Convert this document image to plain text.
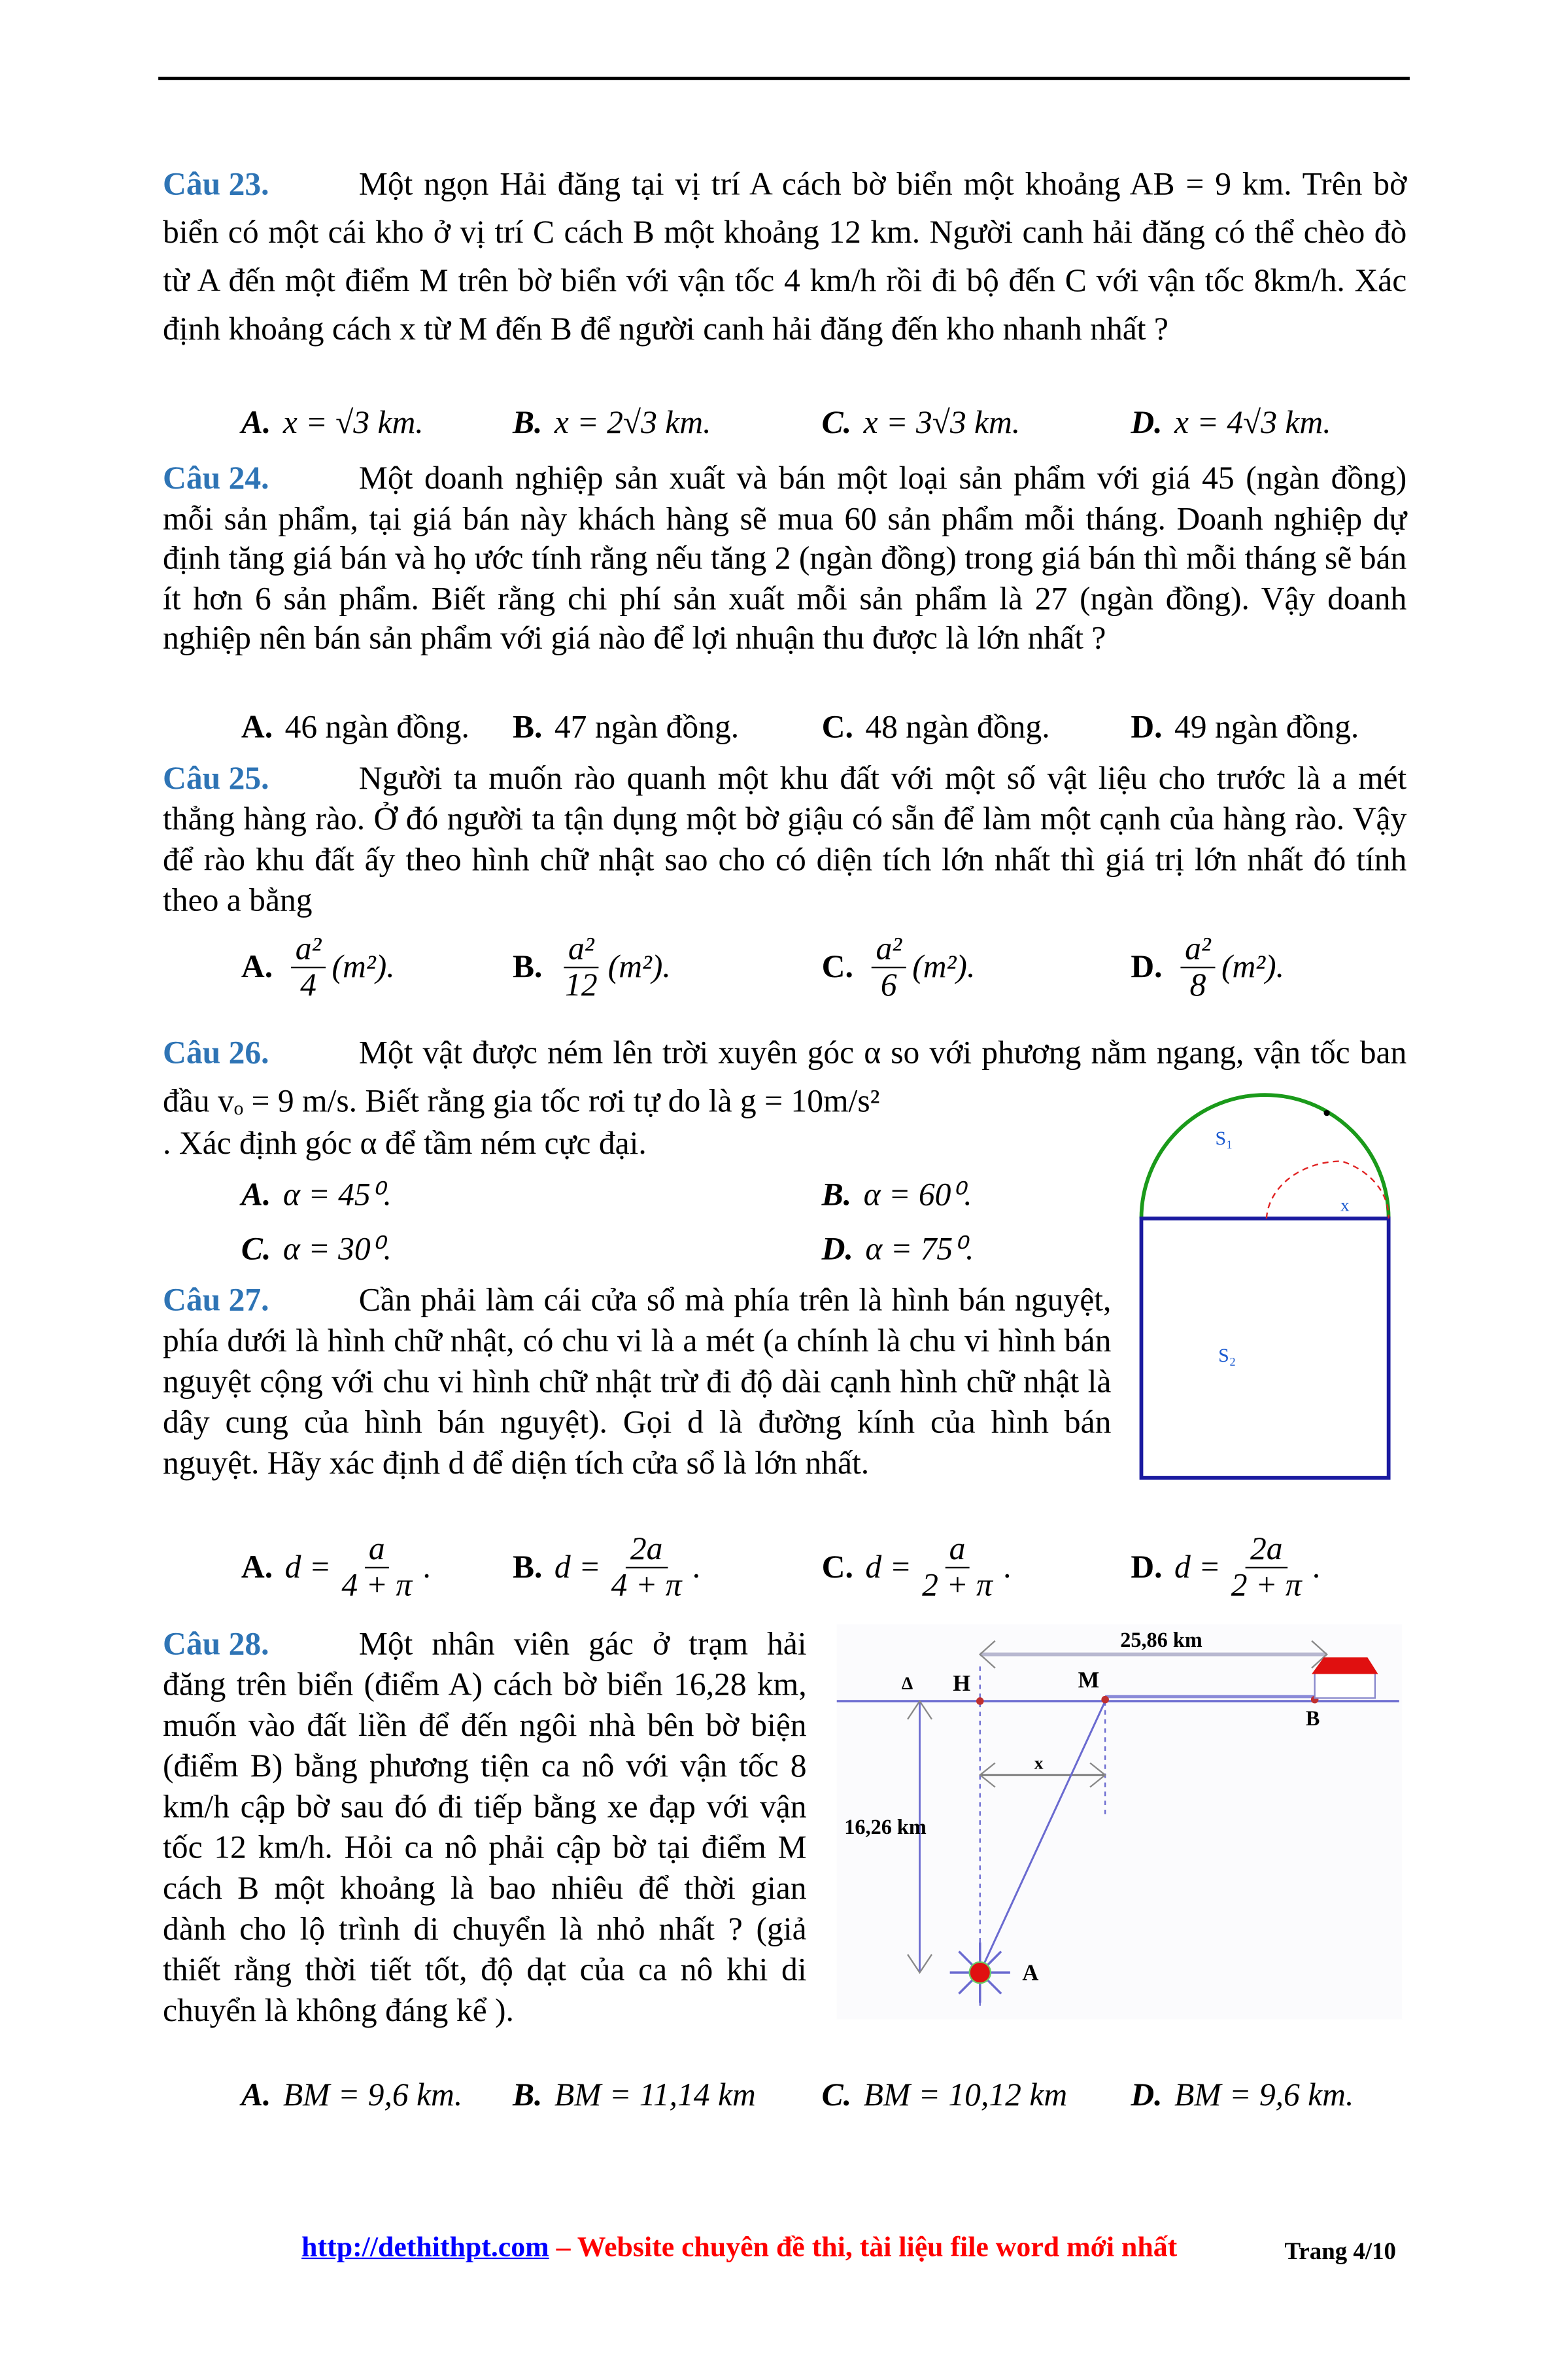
Câu 23.	Một ngọn Hải đăng tại vị trí A cách bờ biển một khoảng AB = 9 km. Trên bờ biển có một cái kho ở vị trí C cách B một khoảng 12 km. Người canh hải đăng có thể chèo đò từ A đến một điểm M trên bờ biển với vận tốc 4 km/h rồi đi bộ đến C với vận tốc 8km/h. Xác định khoảng cách x từ M đến B để người canh hải đăng đến kho nhanh nhất ?
A. x = √3 km.	B. x = 2√3 km.	C. x = 3√3 km.	D. x = 4√3 km.
Câu 24.	Một doanh nghiệp sản xuất và bán một loại sản phẩm với giá 45 (ngàn đồng) mỗi sản phẩm, tại giá bán này khách hàng sẽ mua 60 sản phẩm mỗi tháng. Doanh nghiệp dự định tăng giá bán và họ ước tính rằng nếu tăng 2 (ngàn đồng) trong giá bán thì mỗi tháng sẽ bán ít hơn 6 sản phẩm. Biết rằng chi phí sản xuất mỗi sản phẩm là 27 (ngàn đồng). Vậy doanh nghiệp nên bán sản phẩm với giá nào để lợi nhuận thu được là lớn nhất ?
A. 46 ngàn đồng.	B. 47 ngàn đồng.	C. 48 ngàn đồng.	D. 49 ngàn đồng.
Câu 25.	Người ta muốn rào quanh một khu đất với một số vật liệu cho trước là a mét thẳng hàng rào. Ở đó người ta tận dụng một bờ giậu có sẵn để làm một cạnh của hàng rào. Vậy để rào khu đất ấy theo hình chữ nhật sao cho có diện tích lớn nhất thì giá trị lớn nhất đó tính theo a bằng
A. $\frac{\text{a²}}{4} (m^2)$.	B. $\frac{\text{a²}}{12} (m^2)$.	C. $\frac{\text{a²}}{6} (m^2)$.	D. $\frac{\text{a²}}{8} (m^2)$.
Câu 26.	Một vật được ném lên trời xuyên góc α so với phương nằm ngang, vận tốc ban đầu vₒ = 9 m/s. Biết rằng gia tốc rơi tự do là g = 10m/s²
. Xác định góc α để tầm ném cực đại.
A. α = 45⁰.	B. α = 60⁰.
C. α = 30⁰.	D. α = 75⁰.
S₁
x
S₂
Câu 27.	Cần phải làm cái cửa sổ mà phía trên là hình bán nguyệt, phía dưới là hình chữ nhật, có chu vi là a mét (a chính là chu vi hình bán nguyệt cộng với chu vi hình chữ nhật trừ đi độ dài cạnh hình chữ nhật là dây cung của hình bán nguyệt). Gọi d là đường kính của hình bán nguyệt. Hãy xác định d để diện tích cửa sổ là lớn nhất.
A. $d = \frac{a}{4 + \pi}$ .	B. $d = \frac{2a}{4 + \pi}$ .	C. $d = \frac{a}{2 + \pi}$ .	D. $d = \frac{2a}{2 + \pi}$ .
Câu 28.	Một nhân viên gác ở trạm hải đăng trên biển (điểm A) cách bờ biển 16,28 km, muốn vào đất liền để đến ngôi nhà bên bờ biện (điểm B) bằng phương tiện ca nô với vận tốc 8 km/h cập bờ sau đó đi tiếp bằng xe đạp với vận tốc 12 km/h. Hỏi ca nô phải cập bờ tại điểm M cách B một khoảng là bao nhiêu để thời gian dành cho lộ trình di chuyển là nhỏ nhất ? (giả thiết rằng thời tiết tốt, độ dạt của ca nô khi di chuyển là không đáng kể ).
25,86 km
16,26 km
Δ	H	M
B
A
x
A. BM = 9,6 km.	B. BM = 11,14 km	C. BM = 10,12 km	D. BM = 9,6 km.
http://dethithpt.com – Website chuyên đề thi, tài liệu file word mới nhất	Trang 4/10
